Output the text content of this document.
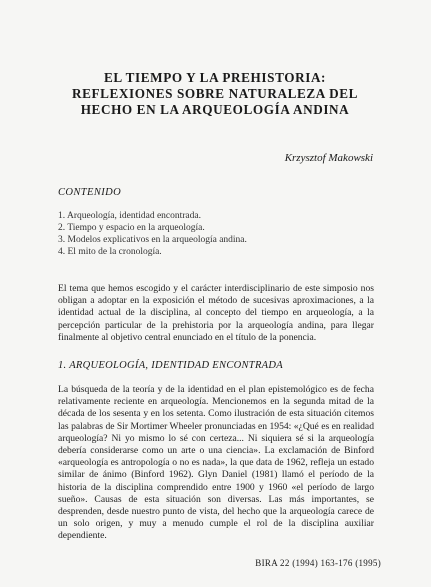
EL TIEMPO Y LA PREHISTORIA: REFLEXIONES SOBRE NATURALEZA DEL HECHO EN LA ARQUEOLOGÍA ANDINA
Krzysztof Makowski
CONTENIDO
1. Arqueología, identidad encontrada.
2. Tiempo y espacio en la arqueología.
3. Modelos explicativos en la arqueología andina.
4. El mito de la cronología.

El tema que hemos escogido y el carácter interdisciplinario de este simposio nos obligan a adoptar en la exposición el método de sucesivas aproximaciones, a la identidad actual de la disciplina, al concepto del tiempo en arqueología, a la percepción particular de la prehistoria por la arqueología andina, para llegar finalmente al objetivo central enunciado en el título de la ponencia.

1. ARQUEOLOGÍA, IDENTIDAD ENCONTRADA

La búsqueda de la teoría y de la identidad en el plan epistemológico es de fecha relativamente reciente en arqueología. Mencionemos en la segunda mitad de la década de los sesenta y en los setenta. Como ilustración de esta situación citemos las palabras de Sir Mortimer Wheeler pronunciadas en 1954: «¿Qué es en realidad arqueología? Ni yo mismo lo sé con certeza... Ni siquiera sé si la arqueología debería considerarse como un arte o una ciencia». La exclamación de Binford «arqueología es antropología o no es nada», la que data de 1962, refleja un estado similar de ánimo (Binford 1962). Glyn Daniel (1981) llamó el período de la historia de la disciplina comprendido entre 1900 y 1960 «el período de largo sueño». Causas de esta situación son diversas. Las más importantes, se desprenden, desde nuestro punto de vista, del hecho que la arqueología carece de un solo origen, y muy a menudo cumple el rol de la disciplina auxiliar dependiente.

BIRA 22 (1994) 163-176 (1995)
